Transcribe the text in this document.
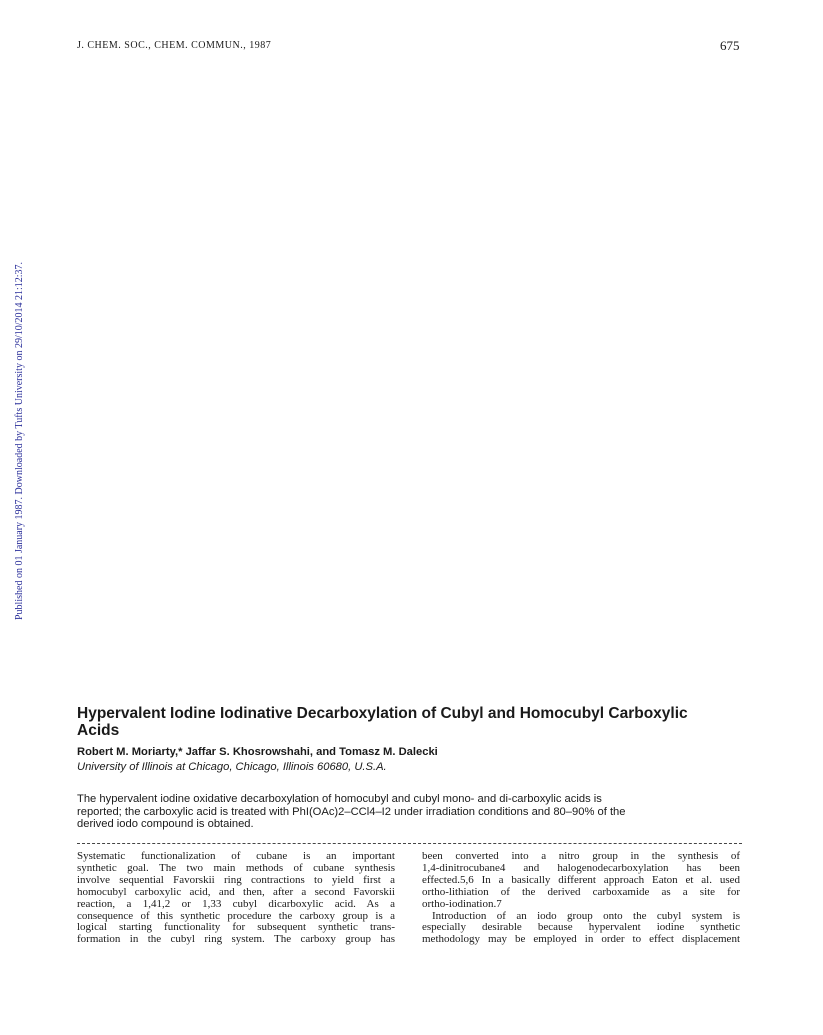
J. CHEM. SOC., CHEM. COMMUN., 1987	675
Published on 01 January 1987. Downloaded by Tufts University on 29/10/2014 21:12:37.
Hypervalent Iodine Iodinative Decarboxylation of Cubyl and Homocubyl Carboxylic
Acids
Robert M. Moriarty,* Jaffar S. Khosrowshahi, and Tomasz M. Dalecki
University of Illinois at Chicago, Chicago, Illinois 60680, U.S.A.
The hypervalent iodine oxidative decarboxylation of homocubyl and cubyl mono- and di-carboxylic acids is
reported; the carboxylic acid is treated with PhI(OAc)2–CCl4–I2 under irradiation conditions and 80–90% of the
derived iodo compound is obtained.
Systematic functionalization of cubane is an important
synthetic goal. The two main methods of cubane synthesis
involve sequential Favorskii ring contractions to yield first a
homocubyl carboxylic acid, and then, after a second Favorskii
reaction, a 1,41,2 or 1,33 cubyl dicarboxylic acid. As a
consequence of this synthetic procedure the carboxy group is a
logical starting functionality for subsequent synthetic trans-
formation in the cubyl ring system. The carboxy group has
been converted into a nitro group in the synthesis of
1,4-dinitrocubane4 and halogenodecarboxylation has been
effected.5,6 In a basically different approach Eaton et al. used
ortho-lithiation of the derived carboxamide as a site for
ortho-iodination.7
Introduction of an iodo group onto the cubyl system is
especially desirable because hypervalent iodine synthetic
methodology may be employed in order to effect displacement
